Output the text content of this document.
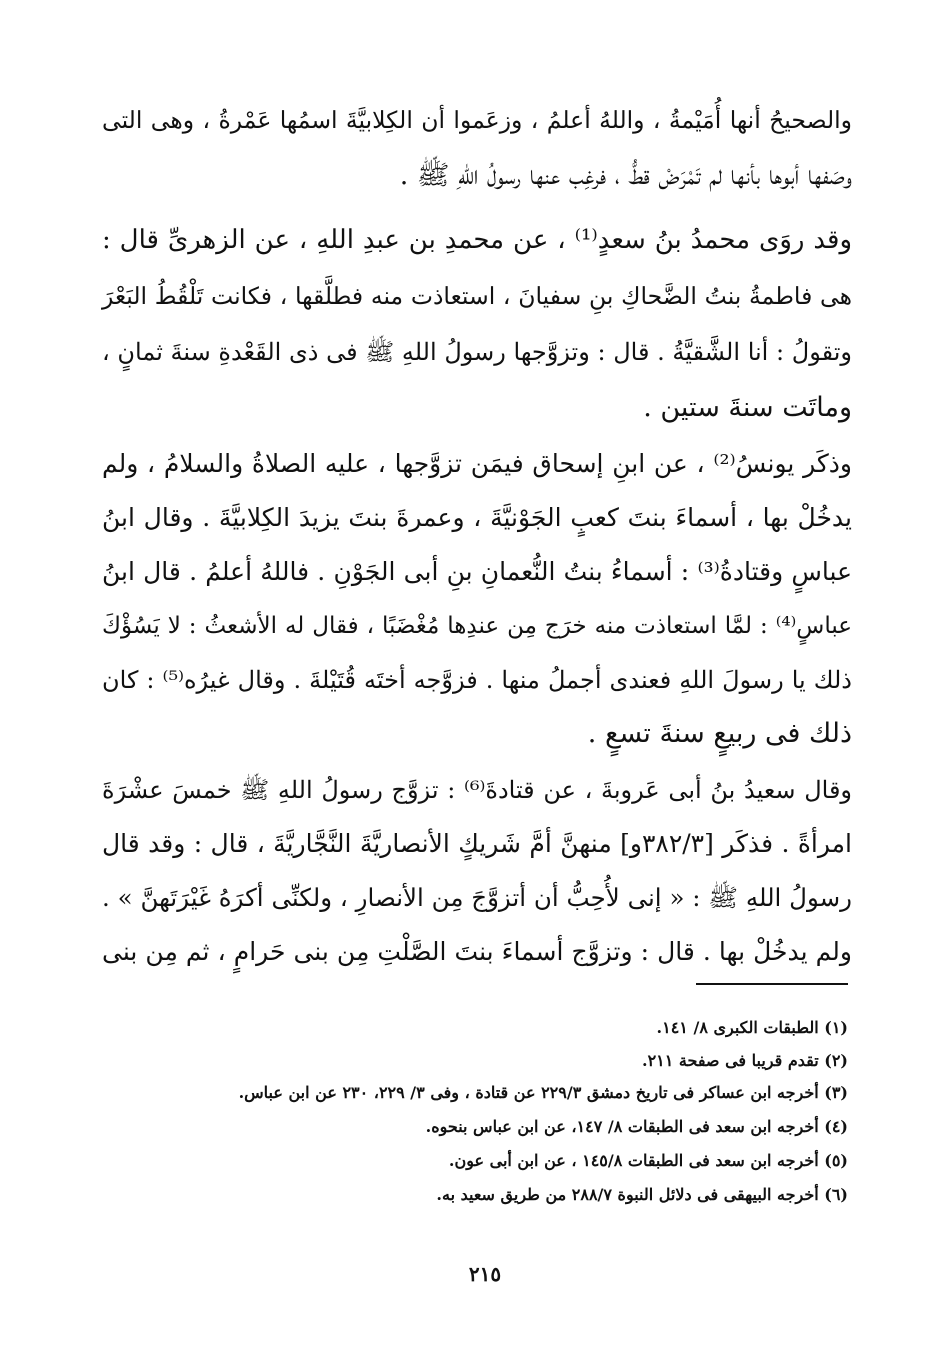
والصحيحُ أنها أُمَيْمةُ ، واللهُ أعلمُ ، وزعَموا أن الكِلابيَّةَ اسمُها عَمْرةُ ، وهى التى
وصَفها أبوها بأنها لم تَمْرَضْ قطُّ ، فرغِب عنها رسولُ اللهِ ﷺ .
وقد روَى محمدُ بنُ سعدٍ⁽¹⁾ ، عن محمدِ بن عبدِ اللهِ ، عن الزهرىِّ قال :
هى فاطمةُ بنتُ الضَّحاكِ بنِ سفيانَ ، استعاذت منه فطلَّقها ، فكانت تَلْقُطُ البَعْرَ
وتقولُ : أنا الشَّقيَّةُ . قال : وتزوَّجها رسولُ اللهِ ﷺ فى ذى القَعْدةِ سنةَ ثمانٍ ،
وماتَت سنةَ ستين .
وذكَر يونسُ⁽²⁾ ، عن ابنِ إسحاق فيمَن تزوَّجها ، عليه الصلاةُ والسلامُ ، ولم
يدخُلْ بها ، أسماءَ بنتَ كعبٍ الجَوْنيَّةَ ، وعمرةَ بنتَ يزيدَ الكِلابيَّةَ . وقال ابنُ
عباسٍ وقتادةُ⁽³⁾ : أسماءُ بنتُ النُّعمانِ بنِ أبى الجَوْنِ . فاللهُ أعلمُ . قال ابنُ
عباسٍ⁽⁴⁾ : لمَّا استعاذت منه خرَج مِن عندِها مُغْضَبًا ، فقال له الأشعثُ : لا يَسُؤْكَ
ذلك يا رسولَ اللهِ فعندى أجملُ منها . فزوَّجه أختَه قُتَيْلةَ . وقال غيرُه⁽⁵⁾ : كان
ذلك فى ربيعٍ سنةَ تسعٍ .
وقال سعيدُ بنُ أبى عَروبةَ ، عن قتادةَ⁽⁶⁾ : تزوَّج رسولُ اللهِ ﷺ خمسَ عشْرَةَ
امرأةً . فذكَر [٣٨٢/٣و] منهنَّ أمَّ شَريكٍ الأنصاريَّةَ النَّجَّاريَّةَ ، قال : وقد قال
رسولُ اللهِ ﷺ : « إنى لأُحِبُّ أن أتزوَّجَ مِن الأنصارِ ، ولكنِّى أكرَهُ غَيْرَتَهنَّ » .
ولم يدخُلْ بها . قال : وتزوَّج أسماءَ بنتَ الصَّلْتِ مِن بنى حَرامٍ ، ثم مِن بنى
(١) الطبقات الكبرى ٨/ ١٤١.
(٢) تقدم قريبا فى صفحة ٢١١.
(٣) أخرجه ابن عساكر فى تاريخ دمشق ٢٢٩/٣ عن قتادة ، وفى ٣/ ٢٢٩، ٢٣٠ عن ابن عباس.
(٤) أخرجه ابن سعد فى الطبقات ٨/ ١٤٧، عن ابن عباس بنحوه.
(٥) أخرجه ابن سعد فى الطبقات ١٤٥/٨ ، عن ابن أبى عون.
(٦) أخرجه البيهقى فى دلائل النبوة ٢٨٨/٧ من طريق سعيد به.
٢١٥
